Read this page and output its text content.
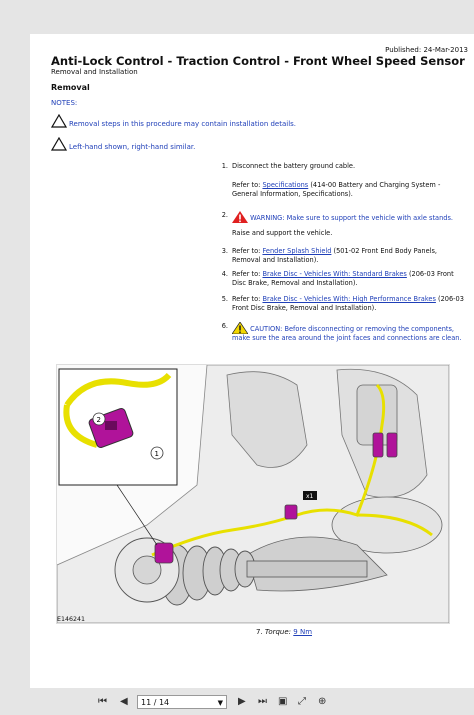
Published: 24-Mar-2013
Anti-Lock Control - Traction Control - Front Wheel Speed Sensor
Removal and Installation
Removal
NOTES:
Removal steps in this procedure may contain installation details.
Left-hand shown, right-hand similar.
1. Disconnect the battery ground cable.
Refer to: Specifications (414-00 Battery and Charging System - General Information, Specifications).
2.	WARNING: Make sure to support the vehicle with axle stands.
Raise and support the vehicle.
3. Refer to: Fender Splash Shield (501-02 Front End Body Panels, Removal and Installation).
4. Refer to: Brake Disc - Vehicles With: Standard Brakes (206-03 Front Disc Brake, Removal and Installation).
5. Refer to: Brake Disc - Vehicles With: High Performance Brakes (206-03 Front Disc Brake, Removal and Installation).
6.	CAUTION: Before disconnecting or removing the components, make sure the area around the joint faces and connections are clean.
x1
2
1
E146241
7. Torque: 9 Nm
⏮ ◀	11 / 14	▼ ▶ ⏭ ▣ ⤢ ⊕
